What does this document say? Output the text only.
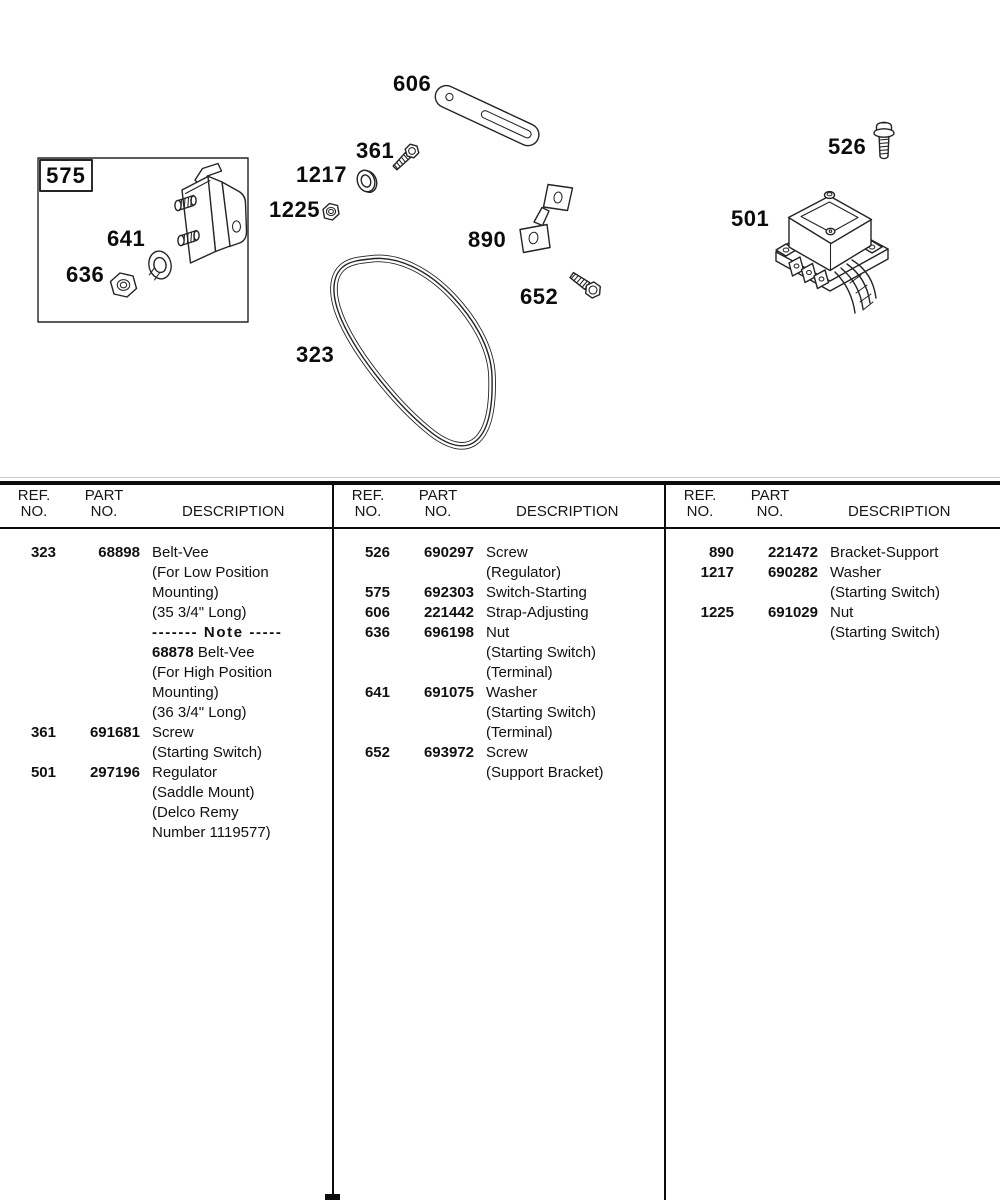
606
361
1217
1225
575
641
636
890
652
323
526
501
REF.
NO.
PART
NO.	DESCRIPTION
323	68898 Belt-Vee
(For Low Position
Mounting)
(35 3/4" Long)
------- Note -----
68878 Belt-Vee
(For High Position
Mounting)
(36 3/4" Long)
361	691681 Screw
(Starting Switch)
501	297196 Regulator
(Saddle Mount)
(Delco Remy
Number 1119577)
REF.
NO.
PART
NO.	DESCRIPTION
526	690297 Screw
(Regulator)
575	692303 Switch-Starting
606	221442 Strap-Adjusting
636	696198 Nut
(Starting Switch)
(Terminal)
641	691075 Washer
(Starting Switch)
(Terminal)
652	693972 Screw
(Support Bracket)
REF.
NO.
PART
NO.	DESCRIPTION
890	221472 Bracket-Support
1217	690282 Washer
(Starting Switch)
1225	691029 Nut
(Starting Switch)
